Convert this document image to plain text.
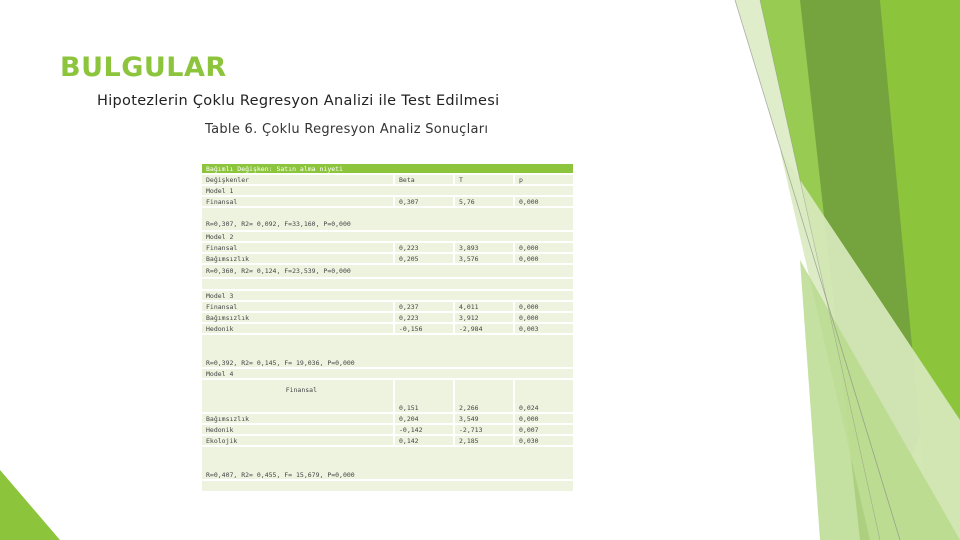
BULGULAR
Hipotezlerin Çoklu Regresyon Analizi ile Test Edilmesi
Table 6. Çoklu Regresyon Analiz Sonuçları
Bağımlı Değişken: Satın alma niyeti			
Değişkenler	Beta	T	p
Model 1			
Finansal	0,307	5,76	0,000
R=0,307, R2= 0,092, F=33,160, P=0,000			
Model 2			
Finansal	0,223	3,893	0,000
Bağımsızlık	0,205	3,576	0,000
R=0,360, R2= 0,124, F=23,539, P=0,000			

Model 3			
Finansal	0,237	4,011	0,000
Bağımsızlık	0,223	3,912	0,000
Hedonik	-0,156	-2,984	0,003
R=0,392, R2= 0,145, F= 19,036, P=0,000			
Model 4			
Finansal	0,151	2,266	0,024
Bağımsızlık	0,204	3,549	0,000
Hedonik	-0,142	-2,713	0,007
Ekolojik	0,142	2,185	0,030
R=0,407, R2= 0,455, F= 15,679, P=0,000			
